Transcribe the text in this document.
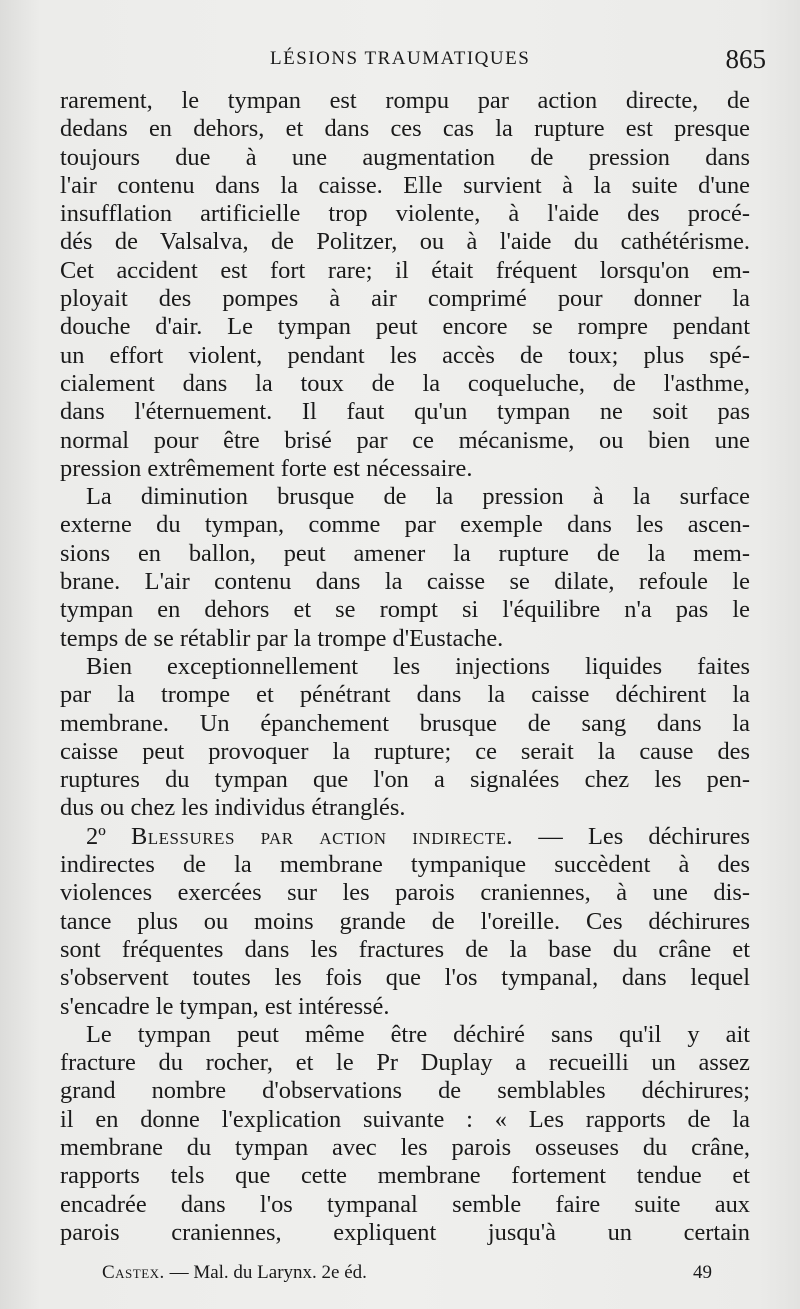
LÉSIONS TRAUMATIQUES	865
rarement, le tympan est rompu par action directe, de
dedans en dehors, et dans ces cas la rupture est presque
toujours due à une augmentation de pression dans
l'air contenu dans la caisse. Elle survient à la suite d'une
insufflation artificielle trop violente, à l'aide des procé-
dés de Valsalva, de Politzer, ou à l'aide du cathétérisme.
Cet accident est fort rare; il était fréquent lorsqu'on em-
ployait des pompes à air comprimé pour donner la
douche d'air. Le tympan peut encore se rompre pendant
un effort violent, pendant les accès de toux; plus spé-
cialement dans la toux de la coqueluche, de l'asthme,
dans l'éternuement. Il faut qu'un tympan ne soit pas
normal pour être brisé par ce mécanisme, ou bien une
pression extrêmement forte est nécessaire.
La diminution brusque de la pression à la surface
externe du tympan, comme par exemple dans les ascen-
sions en ballon, peut amener la rupture de la mem-
brane. L'air contenu dans la caisse se dilate, refoule le
tympan en dehors et se rompt si l'équilibre n'a pas le
temps de se rétablir par la trompe d'Eustache.
Bien exceptionnellement les injections liquides faites
par la trompe et pénétrant dans la caisse déchirent la
membrane. Un épanchement brusque de sang dans la
caisse peut provoquer la rupture; ce serait la cause des
ruptures du tympan que l'on a signalées chez les pen-
dus ou chez les individus étranglés.
2º Blessures par action indirecte. — Les déchirures
indirectes de la membrane tympanique succèdent à des
violences exercées sur les parois craniennes, à une dis-
tance plus ou moins grande de l'oreille. Ces déchirures
sont fréquentes dans les fractures de la base du crâne et
s'observent toutes les fois que l'os tympanal, dans lequel
s'encadre le tympan, est intéressé.
Le tympan peut même être déchiré sans qu'il y ait
fracture du rocher, et le Pr Duplay a recueilli un assez
grand nombre d'observations de semblables déchirures;
il en donne l'explication suivante : « Les rapports de la
membrane du tympan avec les parois osseuses du crâne,
rapports tels que cette membrane fortement tendue et
encadrée dans l'os tympanal semble faire suite aux
parois craniennes, expliquent jusqu'à un certain
Castex. — Mal. du Larynx. 2e éd.	49
